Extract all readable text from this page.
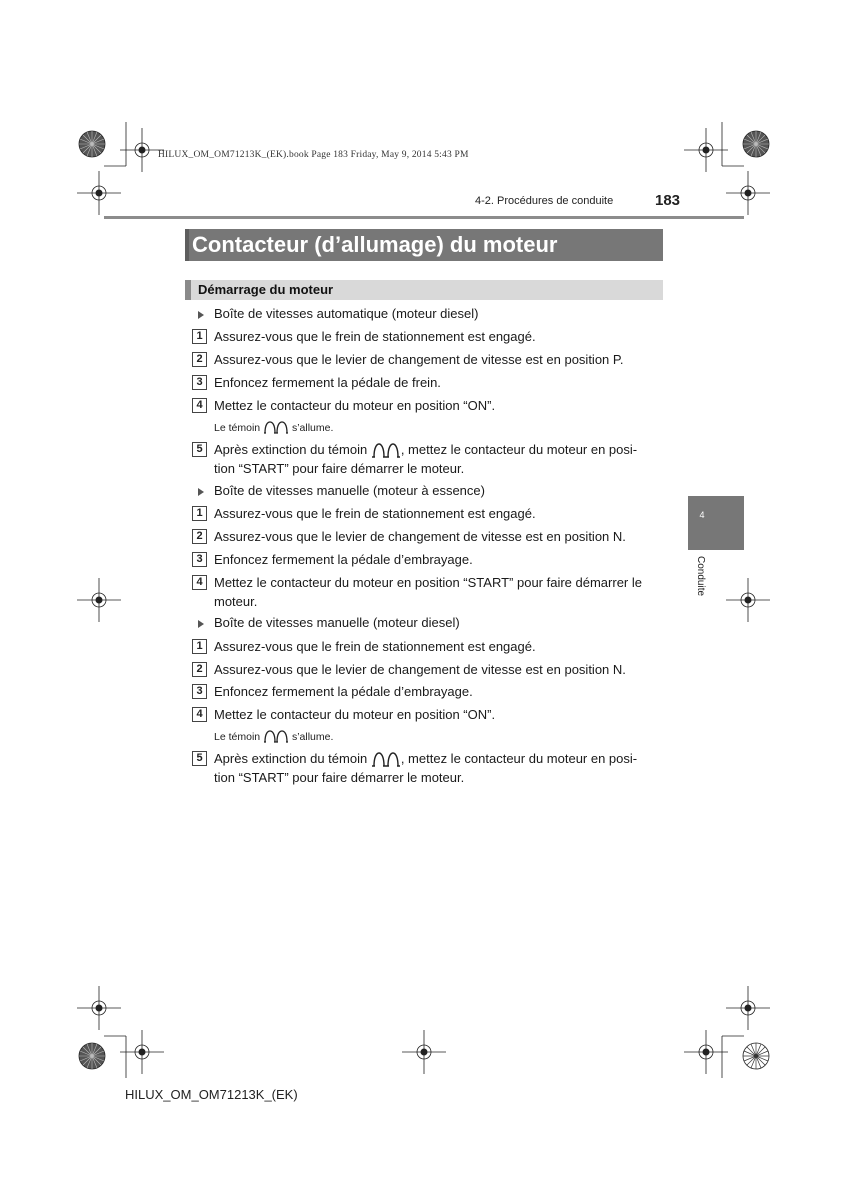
HILUX_OM_OM71213K_(EK).book Page 183 Friday, May 9, 2014 5:43 PM
4-2. Procédures de conduite	183
Contacteur (d’allumage) du moteur
Démarrage du moteur
Boîte de vitesses automatique (moteur diesel)
1 Assurez-vous que le frein de stationnement est engagé.
2 Assurez-vous que le levier de changement de vitesse est en position P.
3 Enfoncez fermement la pédale de frein.
4 Mettez le contacteur du moteur en position “ON”.
Le témoin	s’allume.
5 Après extinction du témoin	, mettez le contacteur du moteur en posi-
tion “START” pour faire démarrer le moteur.
Boîte de vitesses manuelle (moteur à essence)
1 Assurez-vous que le frein de stationnement est engagé.
2 Assurez-vous que le levier de changement de vitesse est en position N.
3 Enfoncez fermement la pédale d’embrayage.
4 Mettez le contacteur du moteur en position “START” pour faire démarrer le
moteur.
Boîte de vitesses manuelle (moteur diesel)
1 Assurez-vous que le frein de stationnement est engagé.
2 Assurez-vous que le levier de changement de vitesse est en position N.
3 Enfoncez fermement la pédale d’embrayage.
4 Mettez le contacteur du moteur en position “ON”.
Le témoin	s’allume.
5 Après extinction du témoin	, mettez le contacteur du moteur en posi-
tion “START” pour faire démarrer le moteur.
4
Conduite
HILUX_OM_OM71213K_(EK)
